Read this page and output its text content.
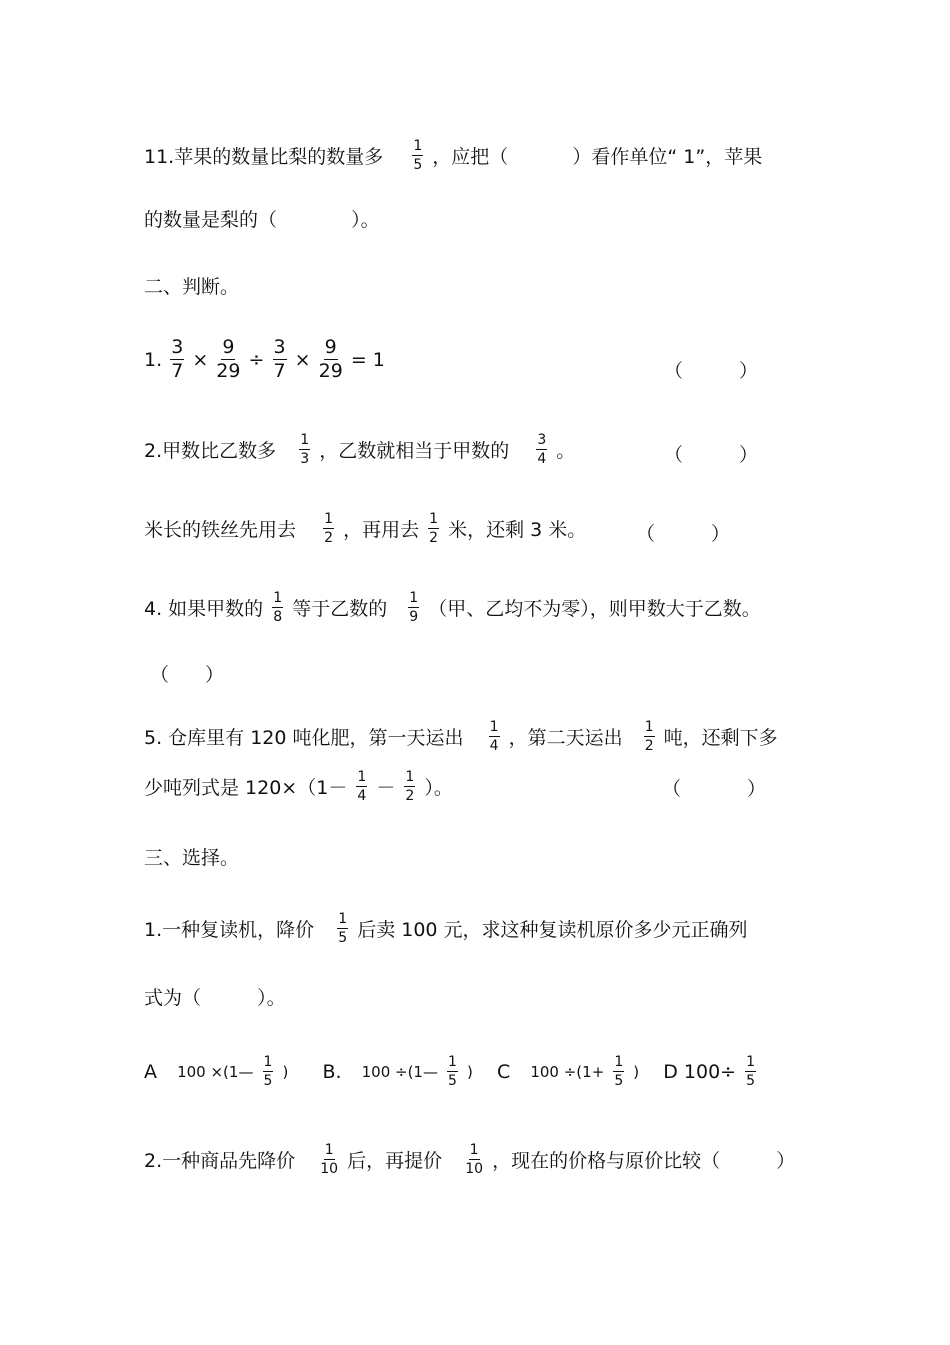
11.苹果的数量比梨的数量多 $\frac{1}{5}$ ，应把（	）看作单位“ 1”，苹果
的数量是梨的（	）。
二、判断。
1. $\frac{3}{7} \times \frac{9}{29} \div \frac{3}{7} \times \frac{9}{29} = 1$
（	）
2.甲数比乙数多 $\frac{1}{3}$ ，乙数就相当于甲数的 $\frac{3}{4}$ 。	（	）
米长的铁丝先用去 $\frac{1}{2}$ ，再用去 $\frac{1}{2}$ 米，还剩 3 米。	（	）
4. 如果甲数的 $\frac{1}{8}$ 等于乙数的 $\frac{1}{9}$ （甲、乙均不为零），则甲数大于乙数。
（ ）
5. 仓库里有 120 吨化肥，第一天运出 $\frac{1}{4}$ ，第二天运出 $\frac{1}{2}$ 吨，还剩下多
少吨列式是 $120\times(1- \frac{1}{4} - \frac{1}{2}$ ）。	（	）
三、选择。
1.一种复读机，降价 $\frac{1}{5}$ 后卖 100 元，求这种复读机原价多少元正确列
式为（	）。
A 100 ×(1— $\frac{1}{5}$ ) B. 100 ÷(1— $\frac{1}{5}$ ) C $100 \div(1+ \frac{1}{5}$ ) D $100\div \frac{1}{5}$
2.一种商品先降价 $\frac{1}{10}$ 后，再提价 $\frac{1}{10}$ ，现在的价格与原价比较（	）
